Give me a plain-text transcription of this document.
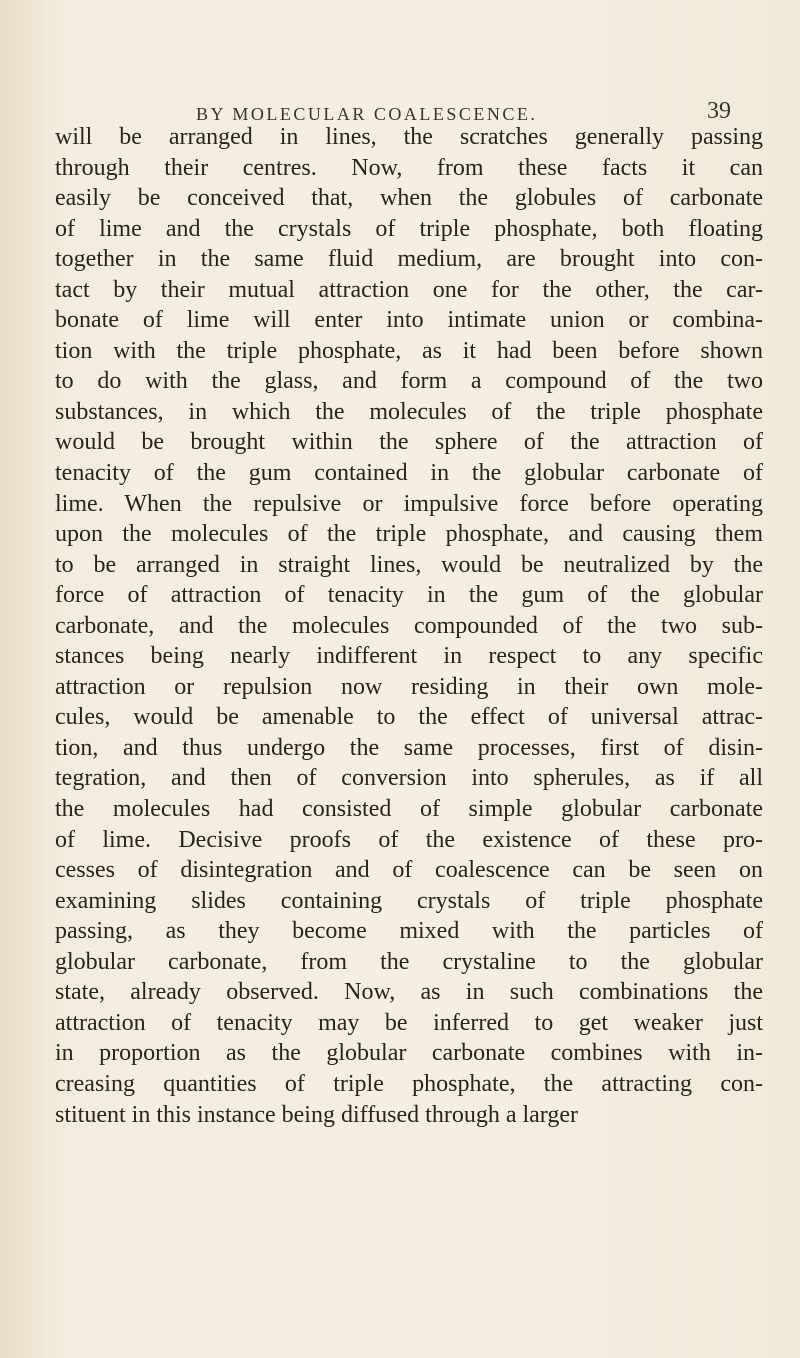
BY MOLECULAR COALESCENCE.	39
will be arranged in lines, the scratches generally passing
through their centres. Now, from these facts it can
easily be conceived that, when the globules of carbonate
of lime and the crystals of triple phosphate, both floating
together in the same fluid medium, are brought into con-
tact by their mutual attraction one for the other, the car-
bonate of lime will enter into intimate union or combina-
tion with the triple phosphate, as it had been before shown
to do with the glass, and form a compound of the two
substances, in which the molecules of the triple phosphate
would be brought within the sphere of the attraction of
tenacity of the gum contained in the globular carbonate of
lime. When the repulsive or impulsive force before operating
upon the molecules of the triple phosphate, and causing them
to be arranged in straight lines, would be neutralized by the
force of attraction of tenacity in the gum of the globular
carbonate, and the molecules compounded of the two sub-
stances being nearly indifferent in respect to any specific
attraction or repulsion now residing in their own mole-
cules, would be amenable to the effect of universal attrac-
tion, and thus undergo the same processes, first of disin-
tegration, and then of conversion into spherules, as if all
the molecules had consisted of simple globular carbonate
of lime. Decisive proofs of the existence of these pro-
cesses of disintegration and of coalescence can be seen on
examining slides containing crystals of triple phosphate
passing, as they become mixed with the particles of
globular carbonate, from the crystaline to the globular
state, already observed. Now, as in such combinations the
attraction of tenacity may be inferred to get weaker just
in proportion as the globular carbonate combines with in-
creasing quantities of triple phosphate, the attracting con-
stituent in this instance being diffused through a larger
